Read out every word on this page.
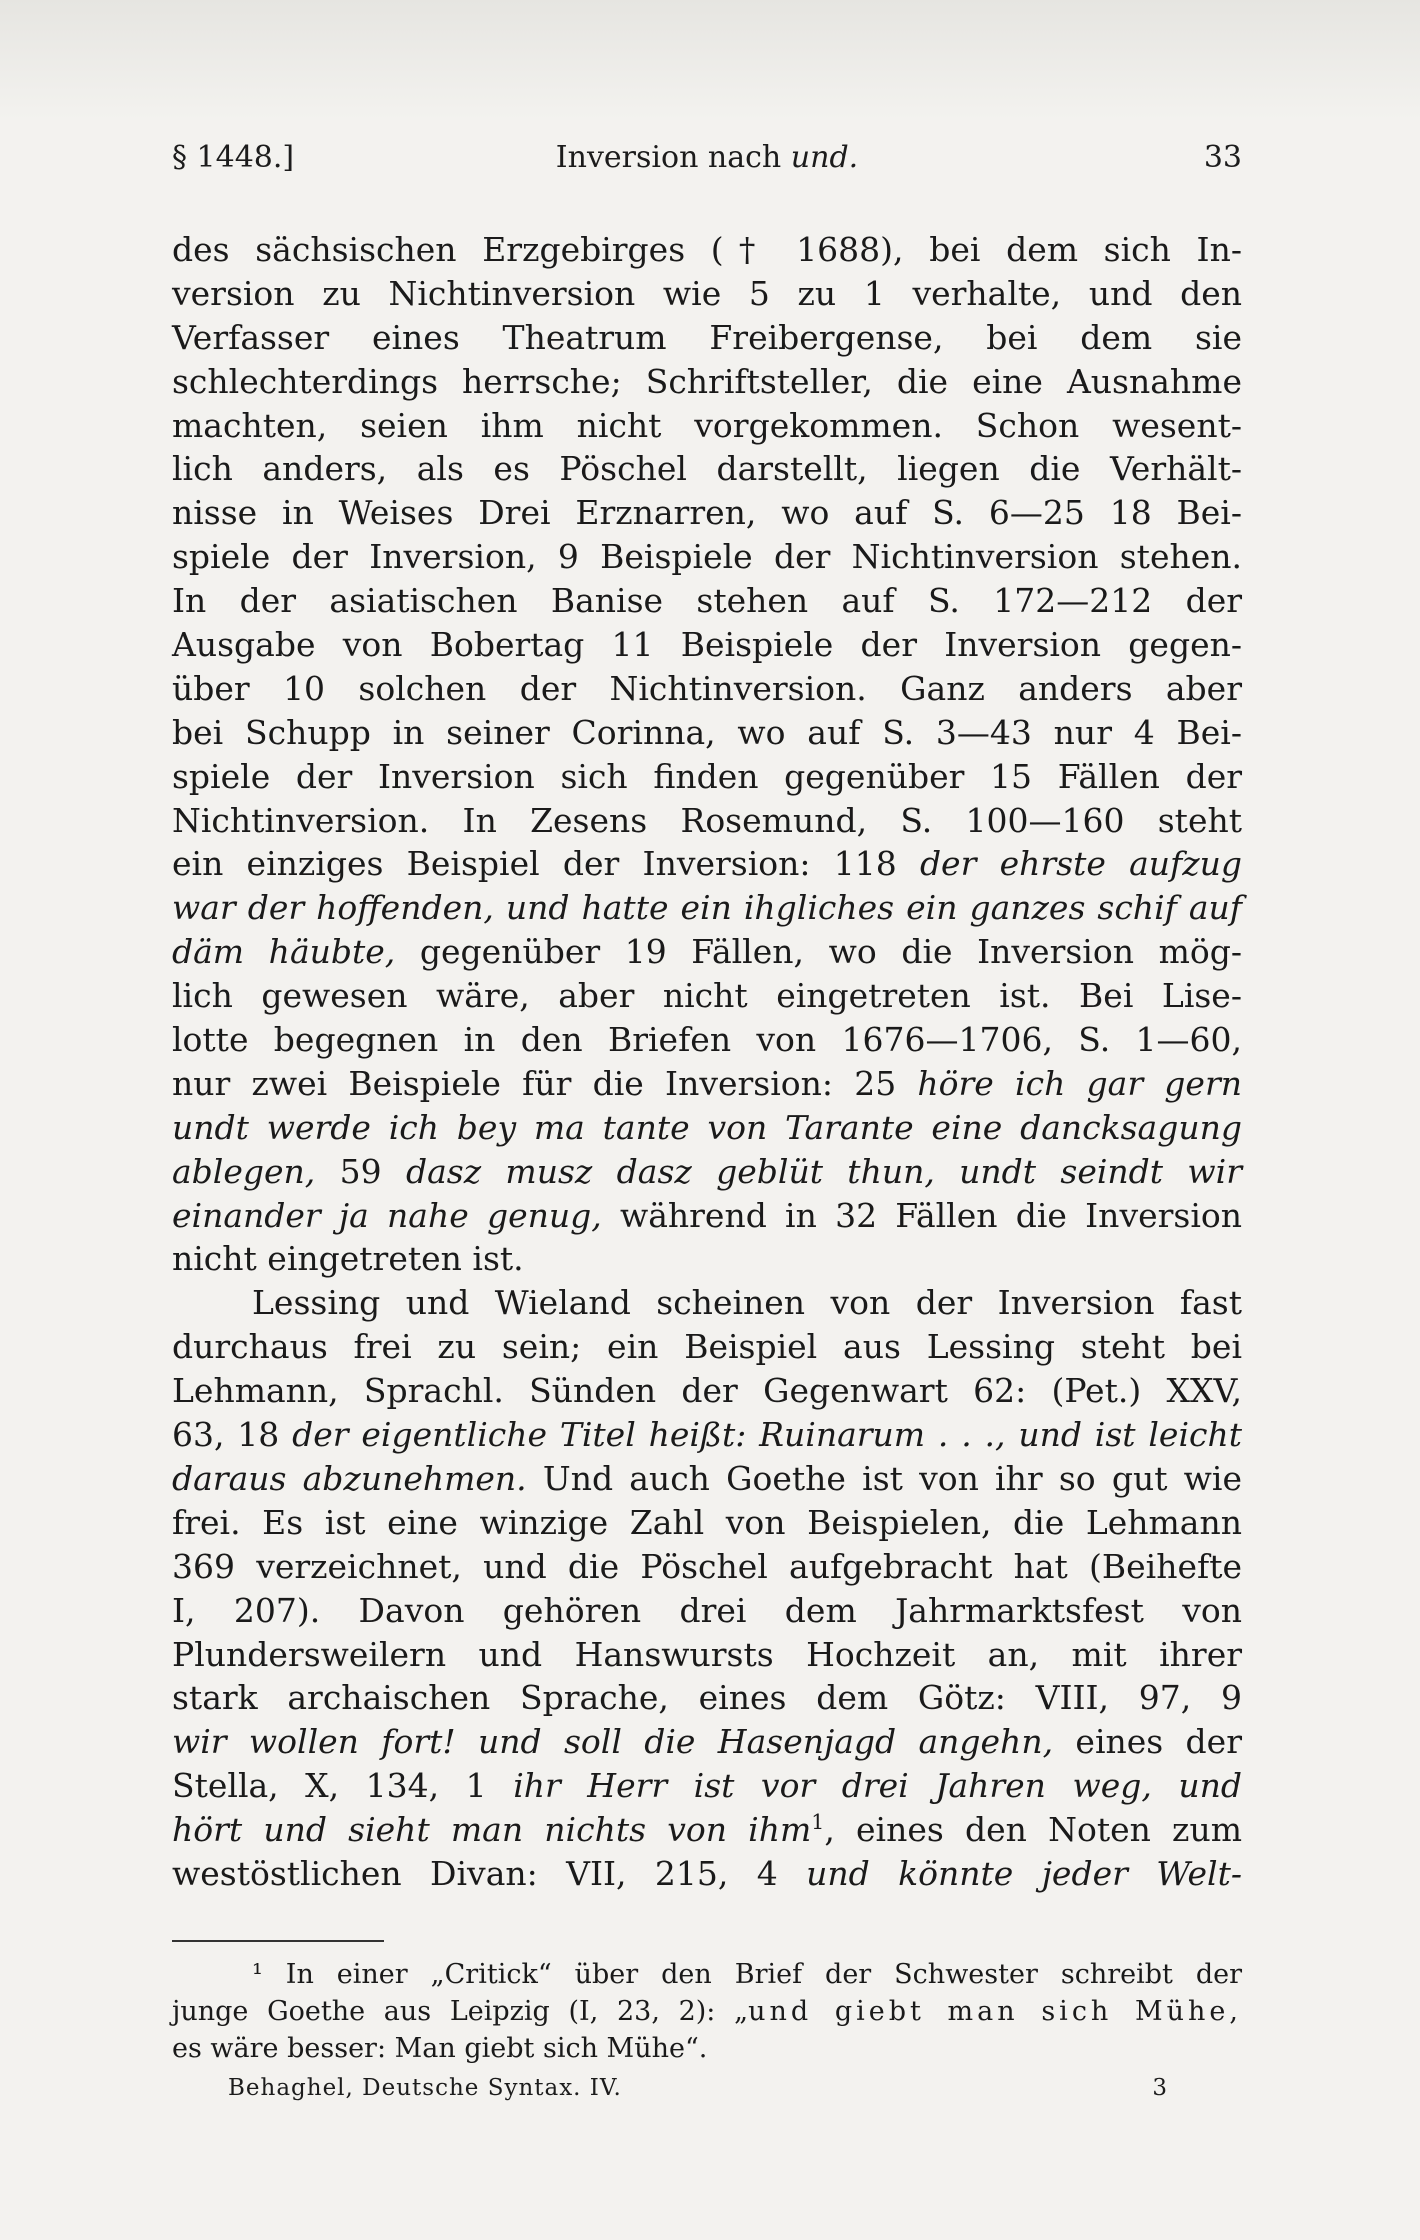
§ 1448.]	Inversion nach und.	33
des sächsischen Erzgebirges († 1688), bei dem sich In-
version zu Nichtinversion wie 5 zu 1 verhalte, und den
Verfasser eines Theatrum Freibergense, bei dem sie
schlechterdings herrsche; Schriftsteller, die eine Ausnahme
machten, seien ihm nicht vorgekommen. Schon wesent-
lich anders, als es Pöschel darstellt, liegen die Verhält-
nisse in Weises Drei Erznarren, wo auf S. 6—25 18 Bei-
spiele der Inversion, 9 Beispiele der Nichtinversion stehen.
In der asiatischen Banise stehen auf S. 172—212 der
Ausgabe von Bobertag 11 Beispiele der Inversion gegen-
über 10 solchen der Nichtinversion. Ganz anders aber
bei Schupp in seiner Corinna, wo auf S. 3—43 nur 4 Bei-
spiele der Inversion sich finden gegenüber 15 Fällen der
Nichtinversion. In Zesens Rosemund, S. 100—160 steht
ein einziges Beispiel der Inversion: 118 der ehrste aufzug
war der hoffenden, und hatte ein ihgliches ein ganzes schif auf
däm häubte, gegenüber 19 Fällen, wo die Inversion mög-
lich gewesen wäre, aber nicht eingetreten ist. Bei Lise-
lotte begegnen in den Briefen von 1676—1706, S. 1—60,
nur zwei Beispiele für die Inversion: 25 höre ich gar gern
undt werde ich bey ma tante von Tarante eine dancksagung
ablegen, 59 dasz musz dasz geblüt thun, undt seindt wir
einander ja nahe genug, während in 32 Fällen die Inversion
nicht eingetreten ist.
Lessing und Wieland scheinen von der Inversion fast
durchaus frei zu sein; ein Beispiel aus Lessing steht bei
Lehmann, Sprachl. Sünden der Gegenwart 62: (Pet.) XXV,
63, 18 der eigentliche Titel heißt: Ruinarum . . ., und ist leicht
daraus abzunehmen. Und auch Goethe ist von ihr so gut wie
frei. Es ist eine winzige Zahl von Beispielen, die Lehmann
369 verzeichnet, und die Pöschel aufgebracht hat (Beihefte
I, 207). Davon gehören drei dem Jahrmarktsfest von
Plundersweilern und Hanswursts Hochzeit an, mit ihrer
stark archaischen Sprache, eines dem Götz: VIII, 97, 9
wir wollen fort! und soll die Hasenjagd angehn, eines der
Stella, X, 134, 1 ihr Herr ist vor drei Jahren weg, und
hört und sieht man nichts von ihm$^1$, eines den Noten zum
westöstlichen Divan: VII, 215, 4 und könnte jeder Welt-
¹ In einer „Critick“ über den Brief der Schwester schreibt der
junge Goethe aus Leipzig (I, 23, 2): „und giebt man sich Mühe,
es wäre besser: Man giebt sich Mühe“.
Behaghel, Deutsche Syntax. IV.	3
